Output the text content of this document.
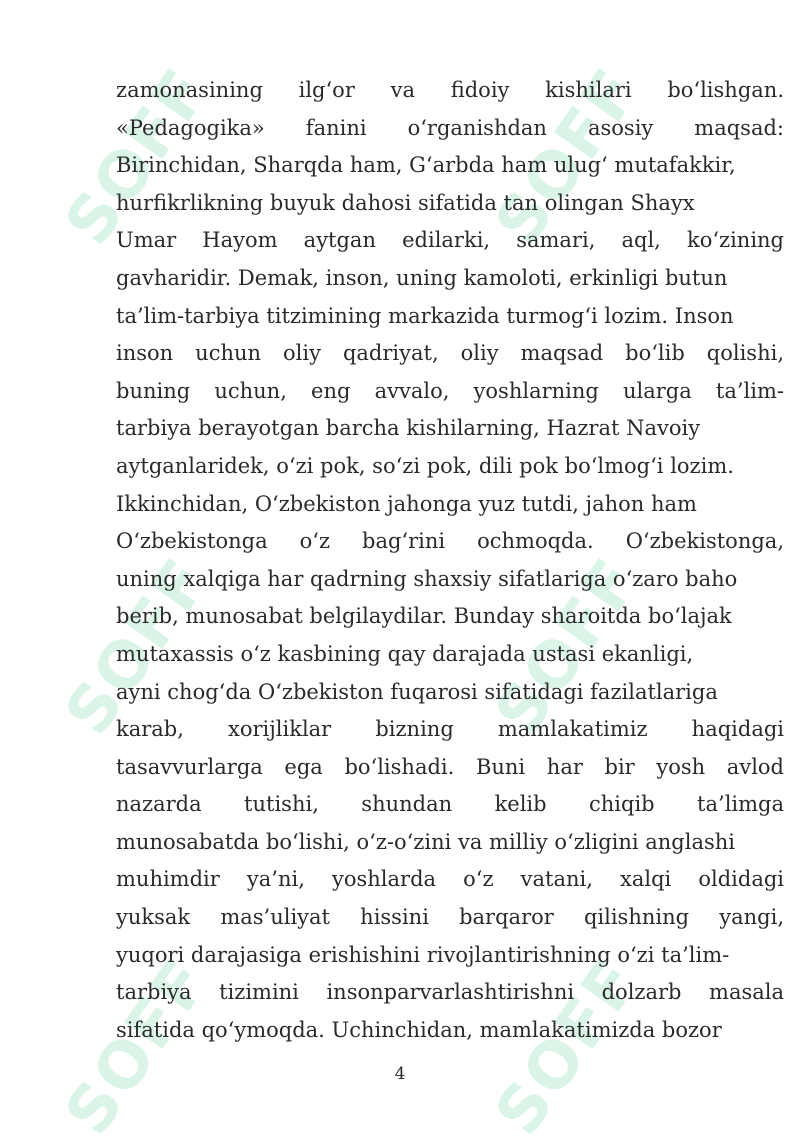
SOFF	SOFF
SOFF	SOFF
SOFF	SOFF
zamonasining ilg‘or va fidoiy kishilari bo‘lishgan.
«Pedagogika» fanini o‘rganishdan asosiy maqsad:
Birinchidan, Sharqda ham, G‘arbda ham ulug‘ mutafakkir,
hurfikrlikning buyuk dahosi sifatida tan olingan Shayx
Umar Hayom aytgan edilarki, samari, aql, ko‘zining
gavharidir. Demak, inson, uning kamoloti, erkinligi butun
ta’lim-tarbiya titzimining markazida turmog‘i lozim. Inson
inson uchun oliy qadriyat, oliy maqsad bo‘lib qolishi,
buning uchun, eng avvalo, yoshlarning ularga ta’lim-
tarbiya berayotgan barcha kishilarning, Hazrat Navoiy
aytganlaridek, o‘zi pok, so‘zi pok, dili pok bo‘lmog‘i lozim.
Ikkinchidan, O‘zbekiston jahonga yuz tutdi, jahon ham
O‘zbekistonga o‘z bag‘rini ochmoqda. O‘zbekistonga,
uning xalqiga har qadrning shaxsiy sifatlariga o‘zaro baho
berib, munosabat belgilaydilar. Bunday sharoitda bo‘lajak
mutaxassis o‘z kasbining qay darajada ustasi ekanligi,
ayni chog‘da O‘zbekiston fuqarosi sifatidagi fazilatlariga
karab, xorijliklar bizning mamlakatimiz haqidagi
tasavvurlarga ega bo‘lishadi. Buni har bir yosh avlod
nazarda tutishi, shundan kelib chiqib ta’limga
munosabatda bo‘lishi, o‘z-o‘zini va milliy o‘zligini anglashi
muhimdir ya’ni, yoshlarda o‘z vatani, xalqi oldidagi
yuksak mas’uliyat hissini barqaror qilishning yangi,
yuqori darajasiga erishishini rivojlantirishning o‘zi ta’lim-
tarbiya tizimini insonparvarlashtirishni dolzarb masala
sifatida qo‘ymoqda. Uchinchidan, mamlakatimizda bozor
4
